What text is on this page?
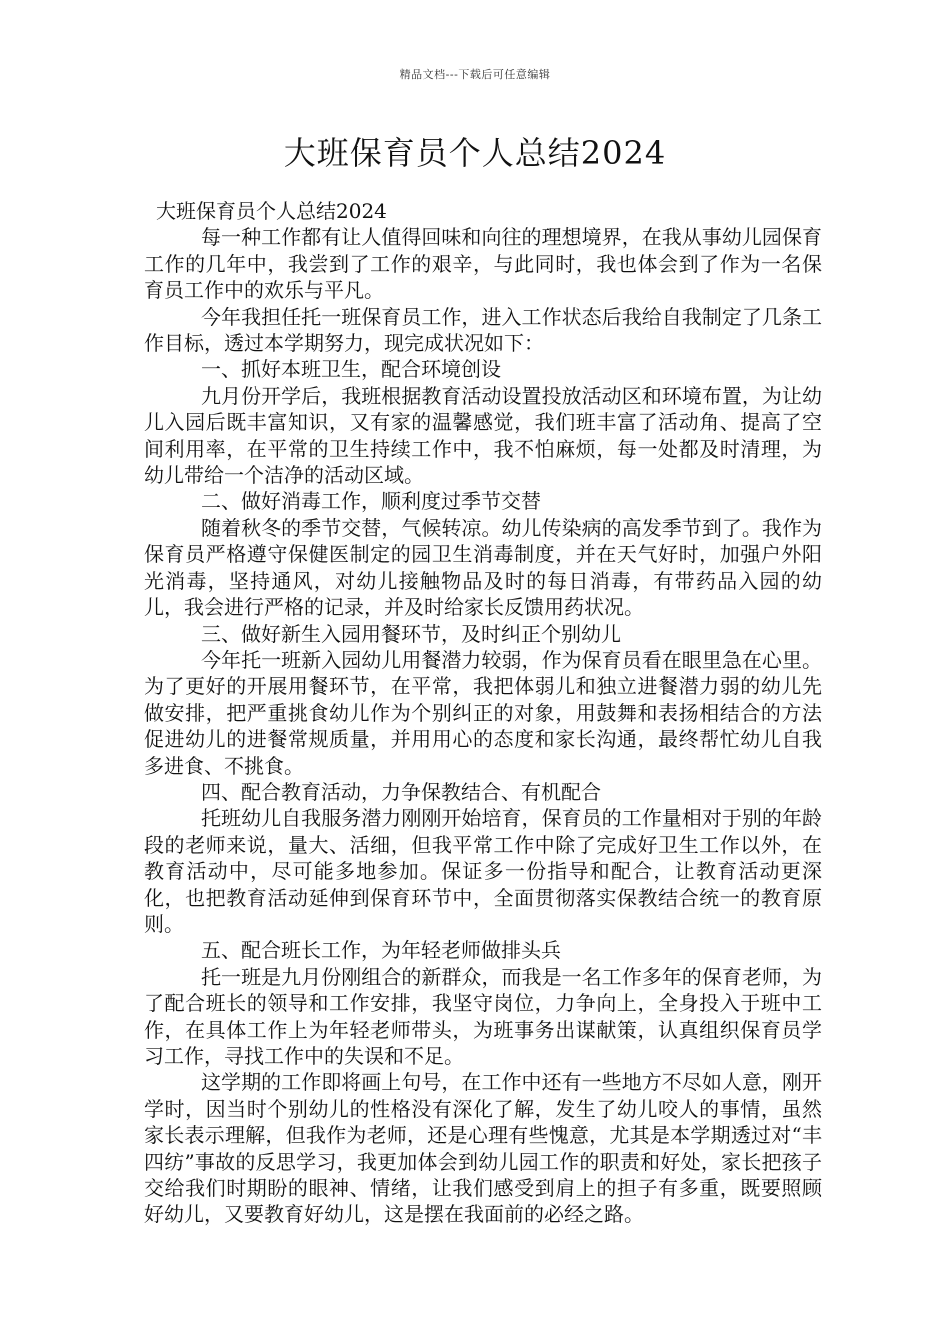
精品文档---下载后可任意编辑
大班保育员个人总结2024

大班保育员个人总结2024

每一种工作都有让人值得回味和向往的理想境界，在我从事幼儿园保育工作的几年中，我尝到了工作的艰辛，与此同时，我也体会到了作为一名保育员工作中的欢乐与平凡。

今年我担任托一班保育员工作，进入工作状态后我给自我制定了几条工作目标，透过本学期努力，现完成状况如下：

一、抓好本班卫生，配合环境创设

九月份开学后，我班根据教育活动设置投放活动区和环境布置，为让幼儿入园后既丰富知识，又有家的温馨感觉，我们班丰富了活动角、提高了空间利用率，在平常的卫生持续工作中，我不怕麻烦，每一处都及时清理，为幼儿带给一个洁净的活动区域。

二、做好消毒工作，顺利度过季节交替

随着秋冬的季节交替，气候转凉。幼儿传染病的高发季节到了。我作为保育员严格遵守保健医制定的园卫生消毒制度，并在天气好时，加强户外阳光消毒，坚持通风，对幼儿接触物品及时的每日消毒，有带药品入园的幼儿，我会进行严格的记录，并及时给家长反馈用药状况。

三、做好新生入园用餐环节，及时纠正个别幼儿

今年托一班新入园幼儿用餐潜力较弱，作为保育员看在眼里急在心里。为了更好的开展用餐环节，在平常，我把体弱儿和独立进餐潜力弱的幼儿先做安排，把严重挑食幼儿作为个别纠正的对象，用鼓舞和表扬相结合的方法促进幼儿的进餐常规质量，并用用心的态度和家长沟通，最终帮忙幼儿自我多进食、不挑食。

四、配合教育活动，力争保教结合、有机配合

托班幼儿自我服务潜力刚刚开始培育，保育员的工作量相对于别的年龄段的老师来说，量大、活细，但我平常工作中除了完成好卫生工作以外，在教育活动中，尽可能多地参加。保证多一份指导和配合，让教育活动更深化，也把教育活动延伸到保育环节中，全面贯彻落实保教结合统一的教育原则。

五、配合班长工作，为年轻老师做排头兵

托一班是九月份刚组合的新群众，而我是一名工作多年的保育老师，为了配合班长的领导和工作安排，我坚守岗位，力争向上，全身投入于班中工作，在具体工作上为年轻老师带头，为班事务出谋献策，认真组织保育员学习工作，寻找工作中的失误和不足。

这学期的工作即将画上句号，在工作中还有一些地方不尽如人意，刚开学时，因当时个别幼儿的性格没有深化了解，发生了幼儿咬人的事情，虽然家长表示理解，但我作为老师，还是心理有些愧意，尤其是本学期透过对“丰四纺”事故的反思学习，我更加体会到幼儿园工作的职责和好处，家长把孩子交给我们时期盼的眼神、情绪，让我们感受到肩上的担子有多重，既要照顾好幼儿，又要教育好幼儿，这是摆在我面前的必经之路。
